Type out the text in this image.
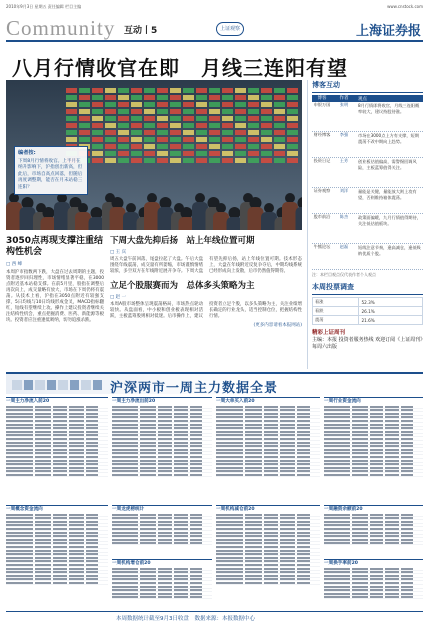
2010年9月3日 星期五 责任编辑 栏目主编	www.cnstock.com
Community 互动丨5	上证观察	上海证券报
八月行情收官在即　月线三连阳有望
编者按:
下周8月行情将收官。上半月在纳升影响下，沪指创出新高，但此后，市场自高点回落，但随后再度调整期，能否在月末站稳三连阳？
3050点再现支撑注重结构性机会
□ 西 峰
本周沪市指数两下跌，大盘在过去周期的主题，投资者逐步回归理性，市场情绪显著平稳，在3000点附近基本站稳支撑。在前5月里，股指在调整后再次向上，成交量略有放大，市场在下周仍将有震荡。从技术上看，沪指在3050点附近有较强支撑，5日均线与10日均线形成金叉，MACD指标翻红，短线有望继续上攻。操作上建议投资者继续关注结构性机会，重点把握消费、医药、新能源等板块。投资者应注重逢低吸纳，切勿追涨杀跌。
下周大盘先抑后扬　站上年线位置可期
□ 王 宾
周五大盘午前回落，尾盘拉起了大盘。午后大盘围绕年线震荡，成交量有所萎缩，市场谨慎情绪较浓，多空双方在年线附近展开争夺。下周大盘有望先抑后扬，站上年线位置可期。技术形态上，大盘在年线附近反复争夺后，中期均线系统已经形成向上发散，后市仍然值得期待。
立足个股服赛而为　总体多头策略为主
□ 赵 一
本周A股市场整体呈现震荡格局，市场热点轮动较快。从盘面看，中小板和创业板表现相对活跃，主板蓝筹股则相对低迷。后市操作上，建议投资者立足个股，以多头策略为主，关注业绩增长确定的行业龙头，适当控制仓位，把握结构性行情。
(更多内容请看本报网站)
博客互动
博客	作者	观点
申银万国	张明	8月行情即将收官，月线三连阳概率较大，建议持股待涨。
财经博客	李强	市场在3000点上方有支撑，短期震荡不改中期向上趋势。
投资日记	王芳	创业板估值偏高，需警惕回调风险，主板蓝筹值得关注。
证券观察	刘洋	量能是关键，量能放大则上攻有望，否则维持箱体震荡。
股市前沿	陈杰	政策面偏暖，九月行情值得期待，关注低估值板块。
牛熊论坛	赵磊	短线注意节奏，逢高减仓，逢低吸纳优质个股。
注：本栏目观点仅代表作者个人观点
本周投票调查
看涨	52.3%
看跌	26.1%
震荡	21.6%
精彩上证周刊
主编：本报 投资者服务热线 欢迎订阅《上证周刊》每周六出版
沪深两市一周主力数据全景
一周主力净流入前20	一周主力净流出前20	一周大单买入前20	一周行业资金流向
一周概念资金流向	一周龙虎榜统计
一周机构增仓前20
一周机构减仓前20	一周融资余额前20
一周换手率前20
本周数据统计截至9月3日收盘　数据来源：本报数据中心
